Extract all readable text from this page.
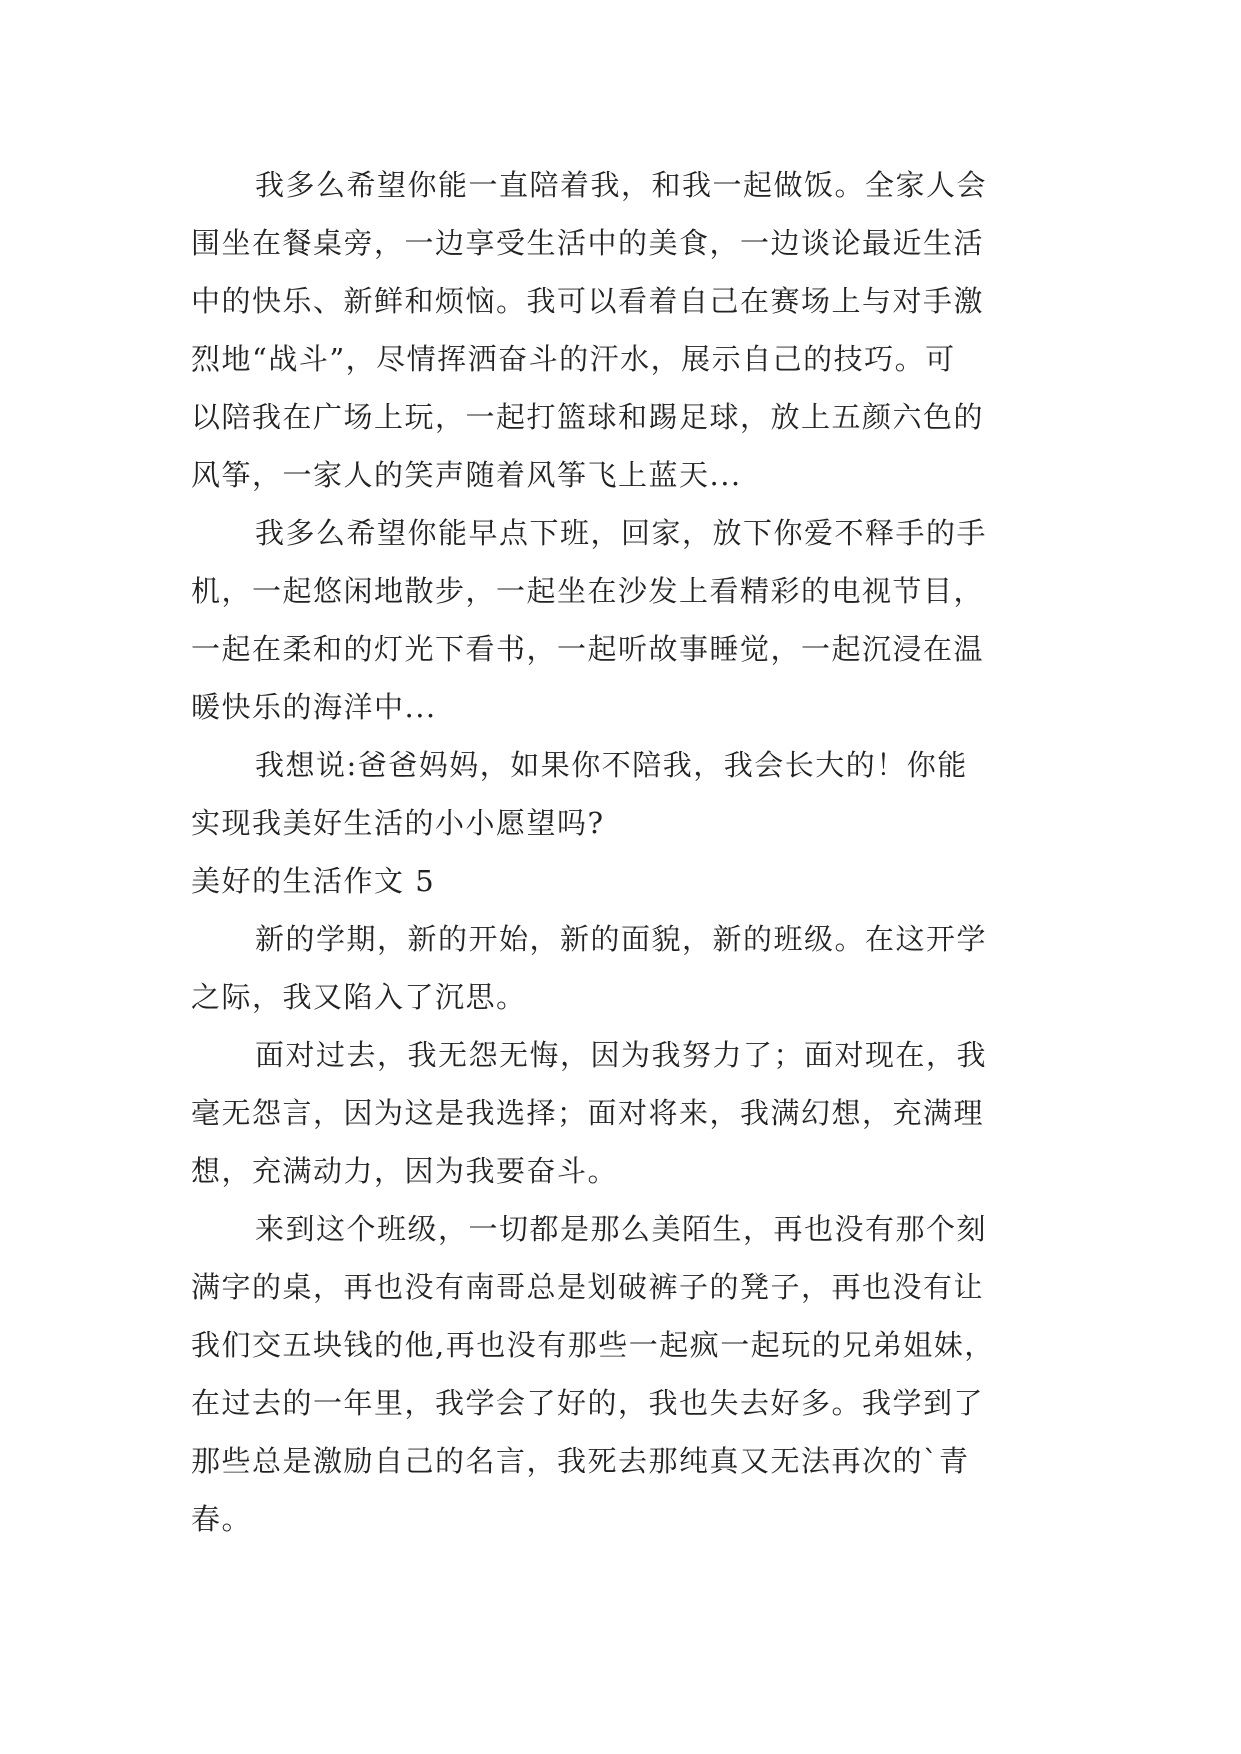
我多么希望你能一直陪着我，和我一起做饭。全家人会
围坐在餐桌旁，一边享受生活中的美食，一边谈论最近生活
中的快乐、新鲜和烦恼。我可以看着自己在赛场上与对手激
烈地“战斗”，尽情挥洒奋斗的汗水，展示自己的技巧。可
以陪我在广场上玩，一起打篮球和踢足球，放上五颜六色的
风筝，一家人的笑声随着风筝飞上蓝天...
我多么希望你能早点下班，回家，放下你爱不释手的手
机，一起悠闲地散步，一起坐在沙发上看精彩的电视节目，
一起在柔和的灯光下看书，一起听故事睡觉，一起沉浸在温
暖快乐的海洋中...
我想说:爸爸妈妈，如果你不陪我，我会长大的！你能
实现我美好生活的小小愿望吗?
美好的生活作文 5
新的学期，新的开始，新的面貌，新的班级。在这开学
之际，我又陷入了沉思。
面对过去，我无怨无悔，因为我努力了；面对现在，我
毫无怨言，因为这是我选择；面对将来，我满幻想，充满理
想，充满动力，因为我要奋斗。
来到这个班级，一切都是那么美陌生，再也没有那个刻
满字的桌，再也没有南哥总是划破裤子的凳子，再也没有让
我们交五块钱的他,再也没有那些一起疯一起玩的兄弟姐妹，
在过去的一年里，我学会了好的，我也失去好多。我学到了
那些总是激励自己的名言，我死去那纯真又无法再次的`青
春。
